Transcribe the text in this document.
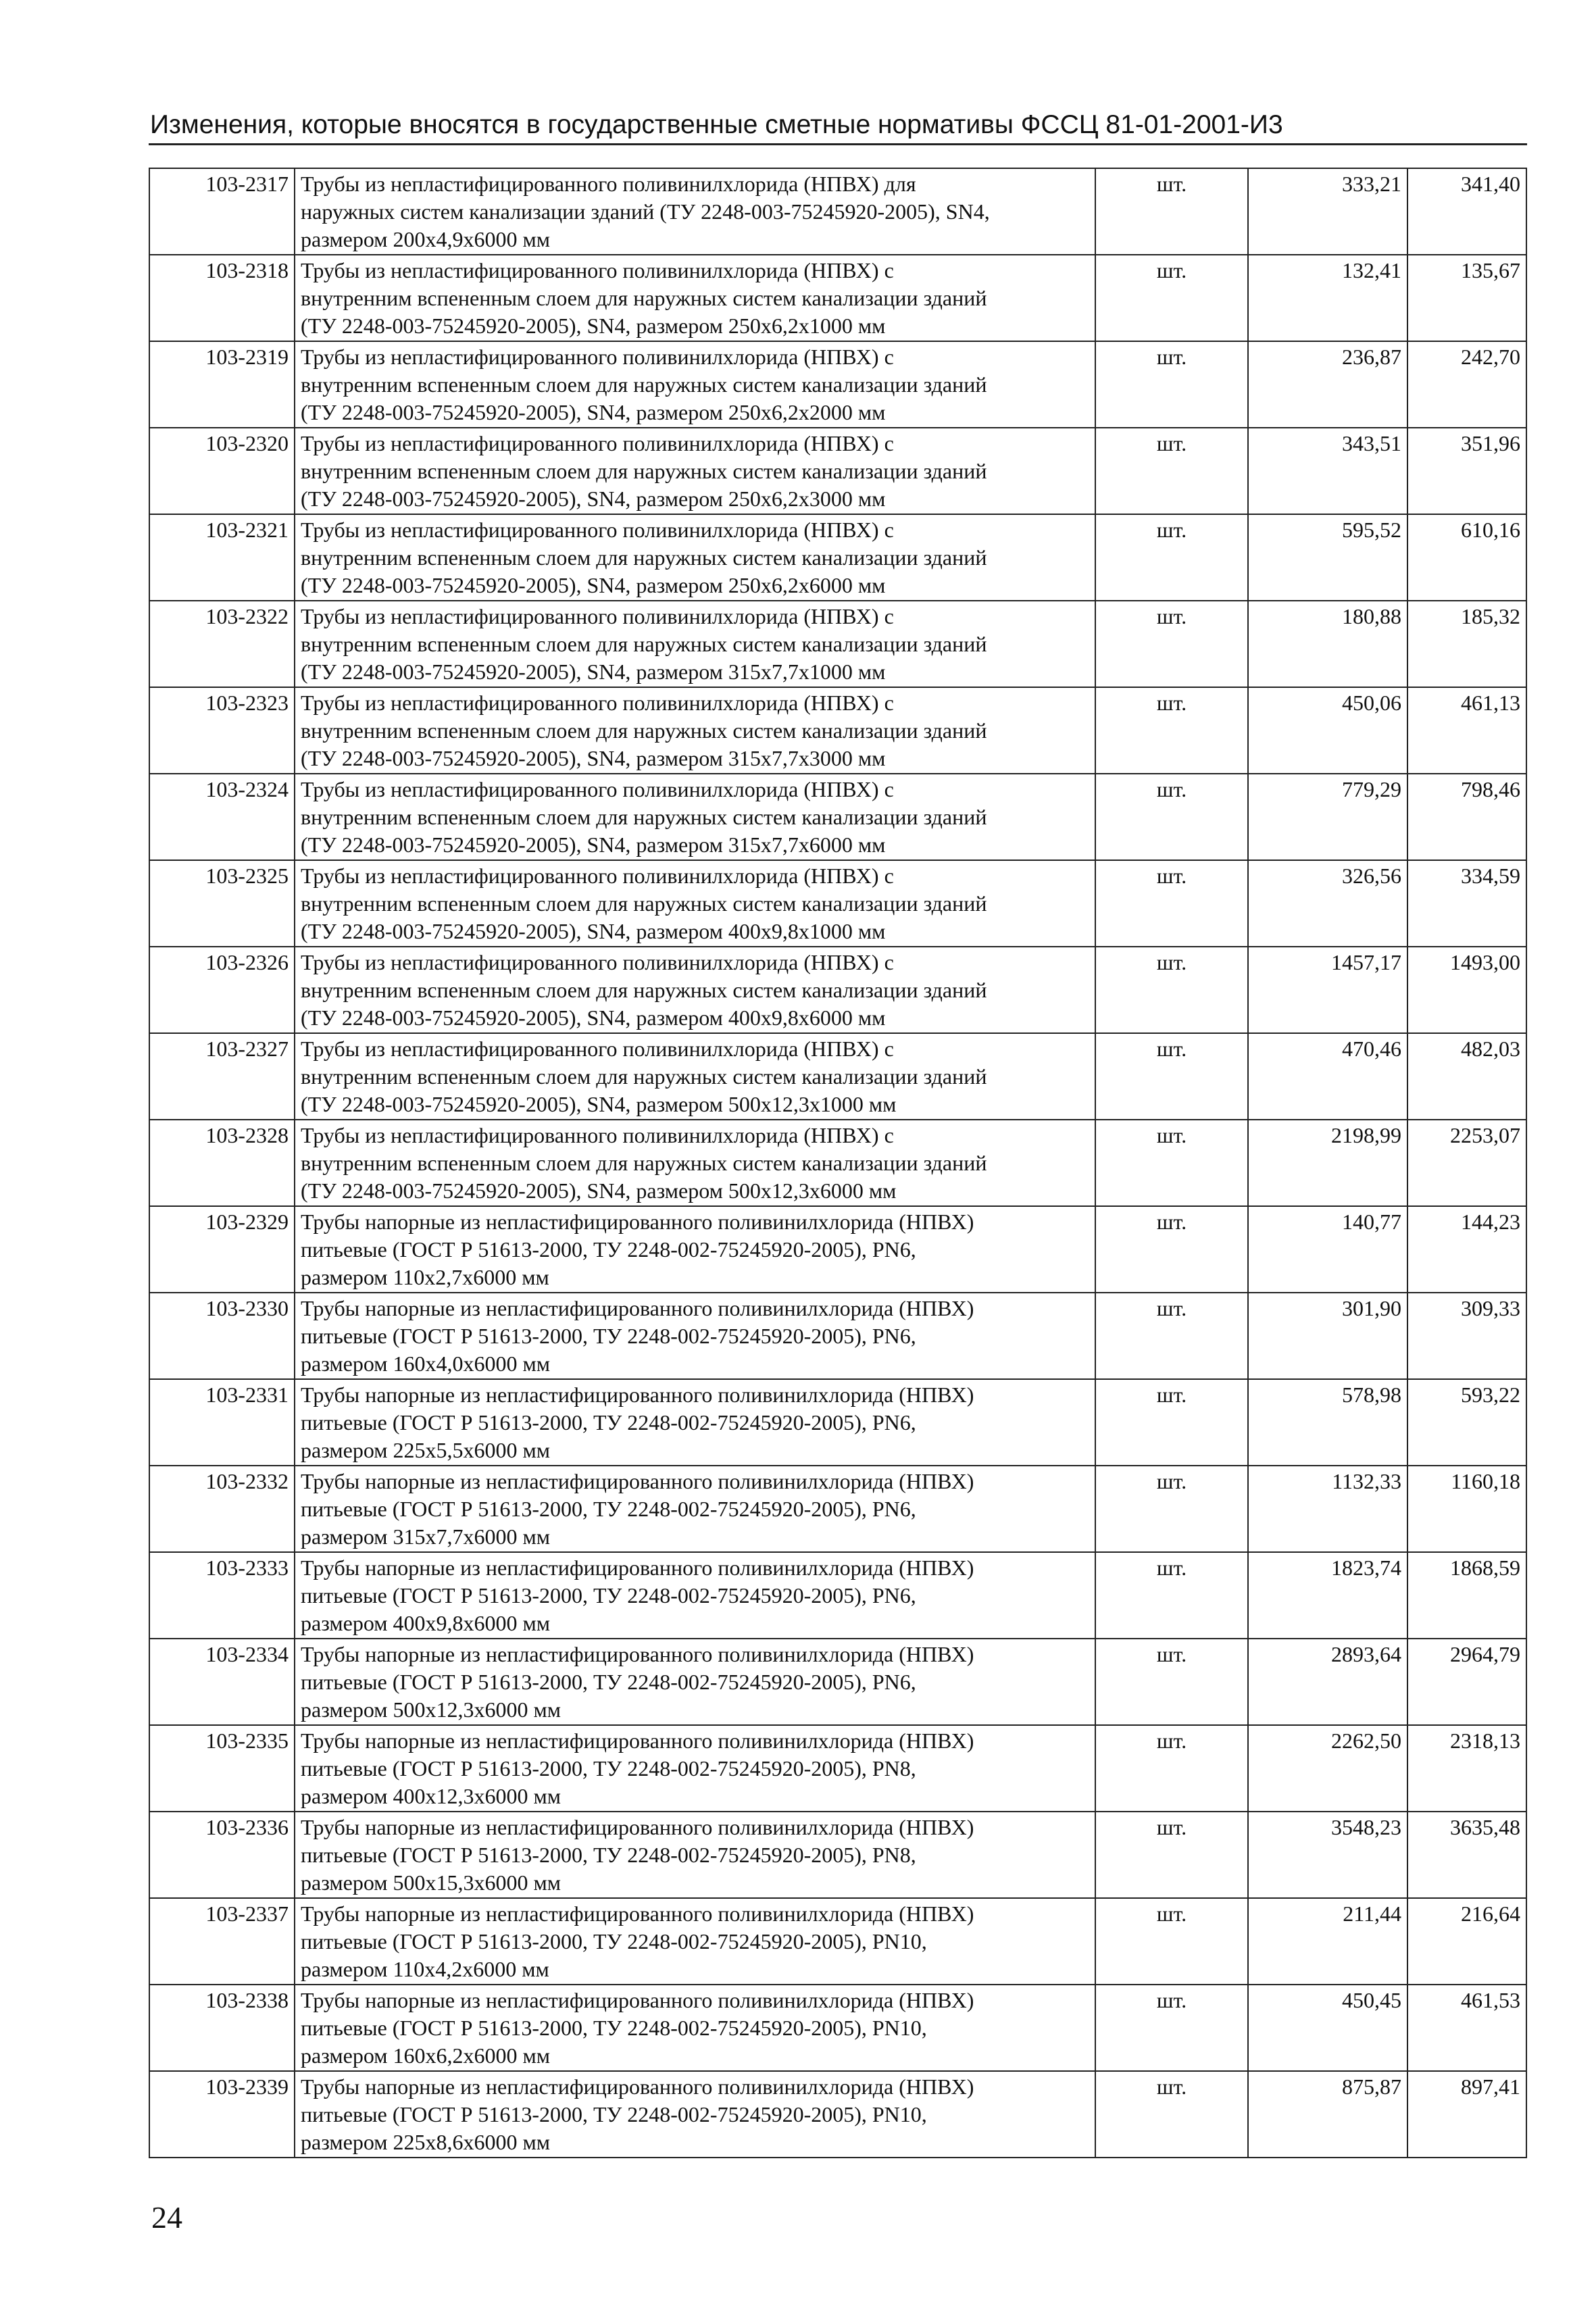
Изменения, которые вносятся в государственные сметные нормативы ФССЦ 81-01-2001-И3
103-2317	Трубы из непластифицированного поливинилхлорида (НПВХ) для
наружных систем канализации зданий (ТУ 2248-003-75245920-2005), SN4,
размером 200x4,9x6000 мм	шт.	333,21	341,40
103-2318	Трубы из непластифицированного поливинилхлорида (НПВХ) с
внутренним вспененным слоем для наружных систем канализации зданий
(ТУ 2248-003-75245920-2005), SN4, размером 250x6,2x1000 мм	шт.	132,41	135,67
103-2319	Трубы из непластифицированного поливинилхлорида (НПВХ) с
внутренним вспененным слоем для наружных систем канализации зданий
(ТУ 2248-003-75245920-2005), SN4, размером 250x6,2x2000 мм	шт.	236,87	242,70
103-2320	Трубы из непластифицированного поливинилхлорида (НПВХ) с
внутренним вспененным слоем для наружных систем канализации зданий
(ТУ 2248-003-75245920-2005), SN4, размером 250x6,2x3000 мм	шт.	343,51	351,96
103-2321	Трубы из непластифицированного поливинилхлорида (НПВХ) с
внутренним вспененным слоем для наружных систем канализации зданий
(ТУ 2248-003-75245920-2005), SN4, размером 250x6,2x6000 мм	шт.	595,52	610,16
103-2322	Трубы из непластифицированного поливинилхлорида (НПВХ) с
внутренним вспененным слоем для наружных систем канализации зданий
(ТУ 2248-003-75245920-2005), SN4, размером 315x7,7x1000 мм	шт.	180,88	185,32
103-2323	Трубы из непластифицированного поливинилхлорида (НПВХ) с
внутренним вспененным слоем для наружных систем канализации зданий
(ТУ 2248-003-75245920-2005), SN4, размером 315x7,7x3000 мм	шт.	450,06	461,13
103-2324	Трубы из непластифицированного поливинилхлорида (НПВХ) с
внутренним вспененным слоем для наружных систем канализации зданий
(ТУ 2248-003-75245920-2005), SN4, размером 315x7,7x6000 мм	шт.	779,29	798,46
103-2325	Трубы из непластифицированного поливинилхлорида (НПВХ) с
внутренним вспененным слоем для наружных систем канализации зданий
(ТУ 2248-003-75245920-2005), SN4, размером 400x9,8x1000 мм	шт.	326,56	334,59
103-2326	Трубы из непластифицированного поливинилхлорида (НПВХ) с
внутренним вспененным слоем для наружных систем канализации зданий
(ТУ 2248-003-75245920-2005), SN4, размером 400x9,8x6000 мм	шт.	1457,17	1493,00
103-2327	Трубы из непластифицированного поливинилхлорида (НПВХ) с
внутренним вспененным слоем для наружных систем канализации зданий
(ТУ 2248-003-75245920-2005), SN4, размером 500x12,3x1000 мм	шт.	470,46	482,03
103-2328	Трубы из непластифицированного поливинилхлорида (НПВХ) с
внутренним вспененным слоем для наружных систем канализации зданий
(ТУ 2248-003-75245920-2005), SN4, размером 500x12,3x6000 мм	шт.	2198,99	2253,07
103-2329	Трубы напорные из непластифицированного поливинилхлорида (НПВХ)
питьевые (ГОСТ Р 51613-2000, ТУ 2248-002-75245920-2005), PN6,
размером 110x2,7x6000 мм	шт.	140,77	144,23
103-2330	Трубы напорные из непластифицированного поливинилхлорида (НПВХ)
питьевые (ГОСТ Р 51613-2000, ТУ 2248-002-75245920-2005), PN6,
размером 160x4,0x6000 мм	шт.	301,90	309,33
103-2331	Трубы напорные из непластифицированного поливинилхлорида (НПВХ)
питьевые (ГОСТ Р 51613-2000, ТУ 2248-002-75245920-2005), PN6,
размером 225x5,5x6000 мм	шт.	578,98	593,22
103-2332	Трубы напорные из непластифицированного поливинилхлорида (НПВХ)
питьевые (ГОСТ Р 51613-2000, ТУ 2248-002-75245920-2005), PN6,
размером 315x7,7x6000 мм	шт.	1132,33	1160,18
103-2333	Трубы напорные из непластифицированного поливинилхлорида (НПВХ)
питьевые (ГОСТ Р 51613-2000, ТУ 2248-002-75245920-2005), PN6,
размером 400x9,8x6000 мм	шт.	1823,74	1868,59
103-2334	Трубы напорные из непластифицированного поливинилхлорида (НПВХ)
питьевые (ГОСТ Р 51613-2000, ТУ 2248-002-75245920-2005), PN6,
размером 500x12,3x6000 мм	шт.	2893,64	2964,79
103-2335	Трубы напорные из непластифицированного поливинилхлорида (НПВХ)
питьевые (ГОСТ Р 51613-2000, ТУ 2248-002-75245920-2005), PN8,
размером 400x12,3x6000 мм	шт.	2262,50	2318,13
103-2336	Трубы напорные из непластифицированного поливинилхлорида (НПВХ)
питьевые (ГОСТ Р 51613-2000, ТУ 2248-002-75245920-2005), PN8,
размером 500x15,3x6000 мм	шт.	3548,23	3635,48
103-2337	Трубы напорные из непластифицированного поливинилхлорида (НПВХ)
питьевые (ГОСТ Р 51613-2000, ТУ 2248-002-75245920-2005), PN10,
размером 110x4,2x6000 мм	шт.	211,44	216,64
103-2338	Трубы напорные из непластифицированного поливинилхлорида (НПВХ)
питьевые (ГОСТ Р 51613-2000, ТУ 2248-002-75245920-2005), PN10,
размером 160x6,2x6000 мм	шт.	450,45	461,53
103-2339	Трубы напорные из непластифицированного поливинилхлорида (НПВХ)
питьевые (ГОСТ Р 51613-2000, ТУ 2248-002-75245920-2005), PN10,
размером 225x8,6x6000 мм	шт.	875,87	897,41
24
